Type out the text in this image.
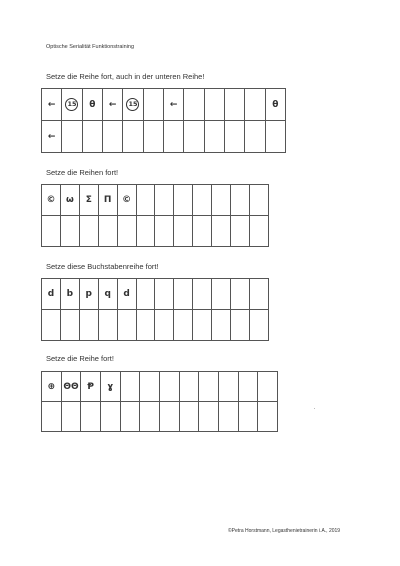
Optische Serialität Funktionstraining
Setze die Reihe fort, auch in der unteren Reihe!
←	15	θ	←	15		←					θ
←											
Setze die Reihen fort!
©	ω	Σ	Π	©							

Setze diese Buchstabenreihe fort!
d	b	p	q	d							

Setze die Reihe fort!
⊕	ΘΘ	Ᵽ	ɣ								

©Petra Horstmann, Legasthenietrainerin i.A., 2019
